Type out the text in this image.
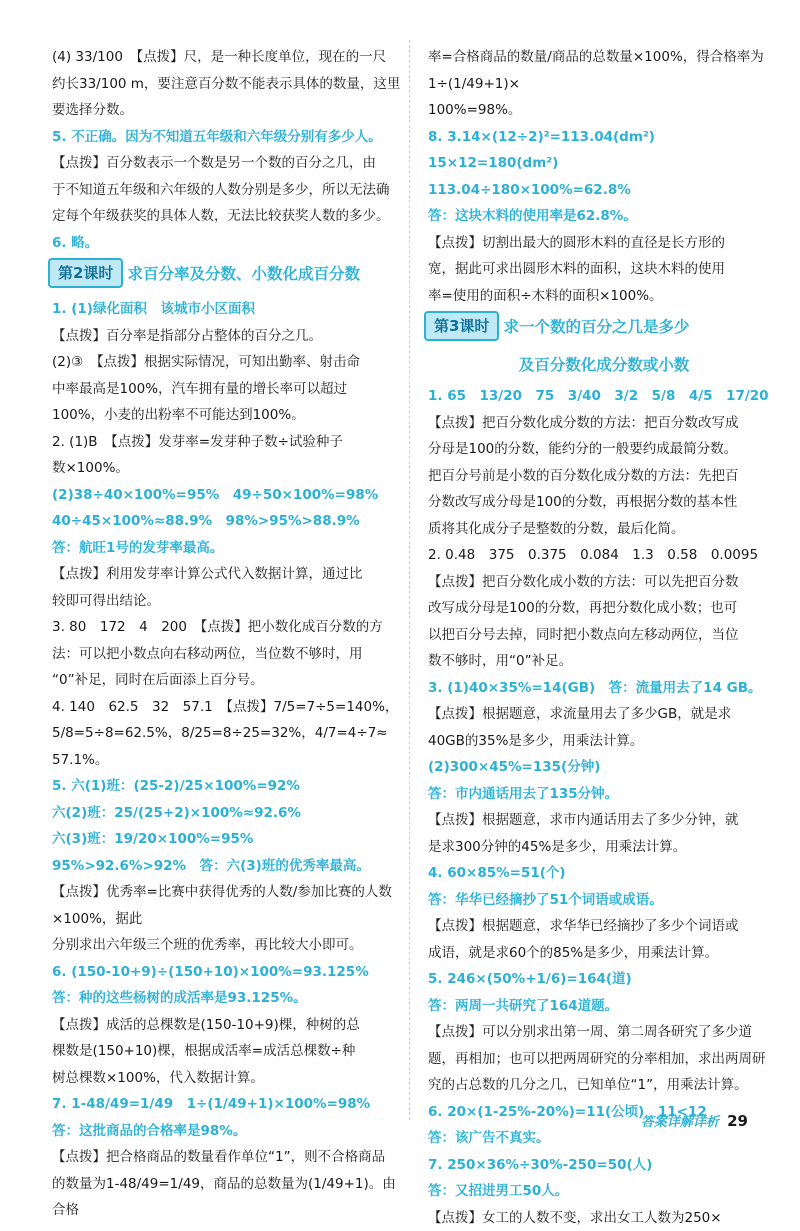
(4) 33/100　【点拨】尺，是一种长度单位，现在的一尺

约长33/100 m，要注意百分数不能表示具体的数量，这里

要选择分数。

5. 不正确。因为不知道五年级和六年级分别有多少人。

【点拨】百分数表示一个数是另一个数的百分之几，由

于不知道五年级和六年级的人数分别是多少，所以无法确

定每个年级获奖的具体人数，无法比较获奖人数的多少。

6. 略。

第2课时 求百分率及分数、小数化成百分数

1. (1)绿化面积　该城市小区面积

【点拨】百分率是指部分占整体的百分之几。

(2)③　【点拨】根据实际情况，可知出勤率、射击命

中率最高是100%，汽车拥有量的增长率可以超过

100%，小麦的出粉率不可能达到100%。

2. (1)B　【点拨】发芽率=发芽种子数÷试验种子

数×100%。

(2)38÷40×100%=95%　49÷50×100%=98%

40÷45×100%≈88.9%　98%>95%>88.9%

答：航旺1号的发芽率最高。

【点拨】利用发芽率计算公式代入数据计算，通过比

较即可得出结论。

3. 80　172　4　200　【点拨】把小数化成百分数的方

法：可以把小数点向右移动两位，当位数不够时，用

“0”补足，同时在后面添上百分号。

4. 140　62.5　32　57.1　【点拨】7/5=7÷5=140%，

5/8=5÷8=62.5%，8/25=8÷25=32%，4/7=4÷7≈

57.1%。

5. 六(1)班：(25-2)/25×100%=92%

六(2)班：25/(25+2)×100%≈92.6%

六(3)班：19/20×100%=95%

95%>92.6%>92%　答：六(3)班的优秀率最高。

【点拨】优秀率=比赛中获得优秀的人数/参加比赛的人数×100%，据此

分别求出六年级三个班的优秀率，再比较大小即可。

6. (150-10+9)÷(150+10)×100%=93.125%

答：种的这些杨树的成活率是93.125%。

【点拨】成活的总棵数是(150-10+9)棵，种树的总

棵数是(150+10)棵，根据成活率=成活总棵数÷种

树总棵数×100%，代入数据计算。

7. 1-48/49=1/49　1÷(1/49+1)×100%=98%

答：这批商品的合格率是98%。

【点拨】把合格商品的数量看作单位“1”，则不合格商品

的数量为1-48/49=1/49，商品的总数量为(1/49+1)。由合格

率=合格商品的数量/商品的总数量×100%，得合格率为1÷(1/49+1)×

100%=98%。

8. 3.14×(12÷2)²=113.04(dm²)

15×12=180(dm²)

113.04÷180×100%=62.8%

答：这块木料的使用率是62.8%。

【点拨】切割出最大的圆形木料的直径是长方形的

宽，据此可求出圆形木料的面积，这块木料的使用

率=使用的面积÷木料的面积×100%。

第3课时 求一个数的百分之几是多少
及百分数化成分数或小数

1. 65　13/20　75　3/40　3/2　5/8　4/5　17/20

【点拨】把百分数化成分数的方法：把百分数改写成

分母是100的分数，能约分的一般要约成最简分数。

把百分号前是小数的百分数化成分数的方法：先把百

分数改写成分母是100的分数，再根据分数的基本性

质将其化成分子是整数的分数，最后化简。

2. 0.48　375　0.375　0.084　1.3　0.58　0.0095

【点拨】把百分数化成小数的方法：可以先把百分数

改写成分母是100的分数，再把分数化成小数；也可

以把百分号去掉，同时把小数点向左移动两位，当位

数不够时，用“0”补足。

3. (1)40×35%=14(GB)　答：流量用去了14 GB。

【点拨】根据题意，求流量用去了多少GB，就是求

40GB的35%是多少，用乘法计算。

(2)300×45%=135(分钟)

答：市内通话用去了135分钟。

【点拨】根据题意，求市内通话用去了多少分钟，就

是求300分钟的45%是多少，用乘法计算。

4. 60×85%=51(个)

答：华华已经摘抄了51个词语或成语。

【点拨】根据题意，求华华已经摘抄了多少个词语或

成语，就是求60个的85%是多少，用乘法计算。

5. 246×(50%+1/6)=164(道)

答：两周一共研究了164道题。

【点拨】可以分别求出第一周、第二周各研究了多少道

题，再相加；也可以把两周研究的分率相加，求出两周研

究的占总数的几分之几，已知单位“1”，用乘法计算。

6. 20×(1-25%-20%)=11(公顷)　11<12

答：该广告不真实。

7. 250×36%÷30%-250=50(人)

答：又招进男工50人。

【点拨】女工的人数不变，求出女工人数为250×

答案详解详析 29
